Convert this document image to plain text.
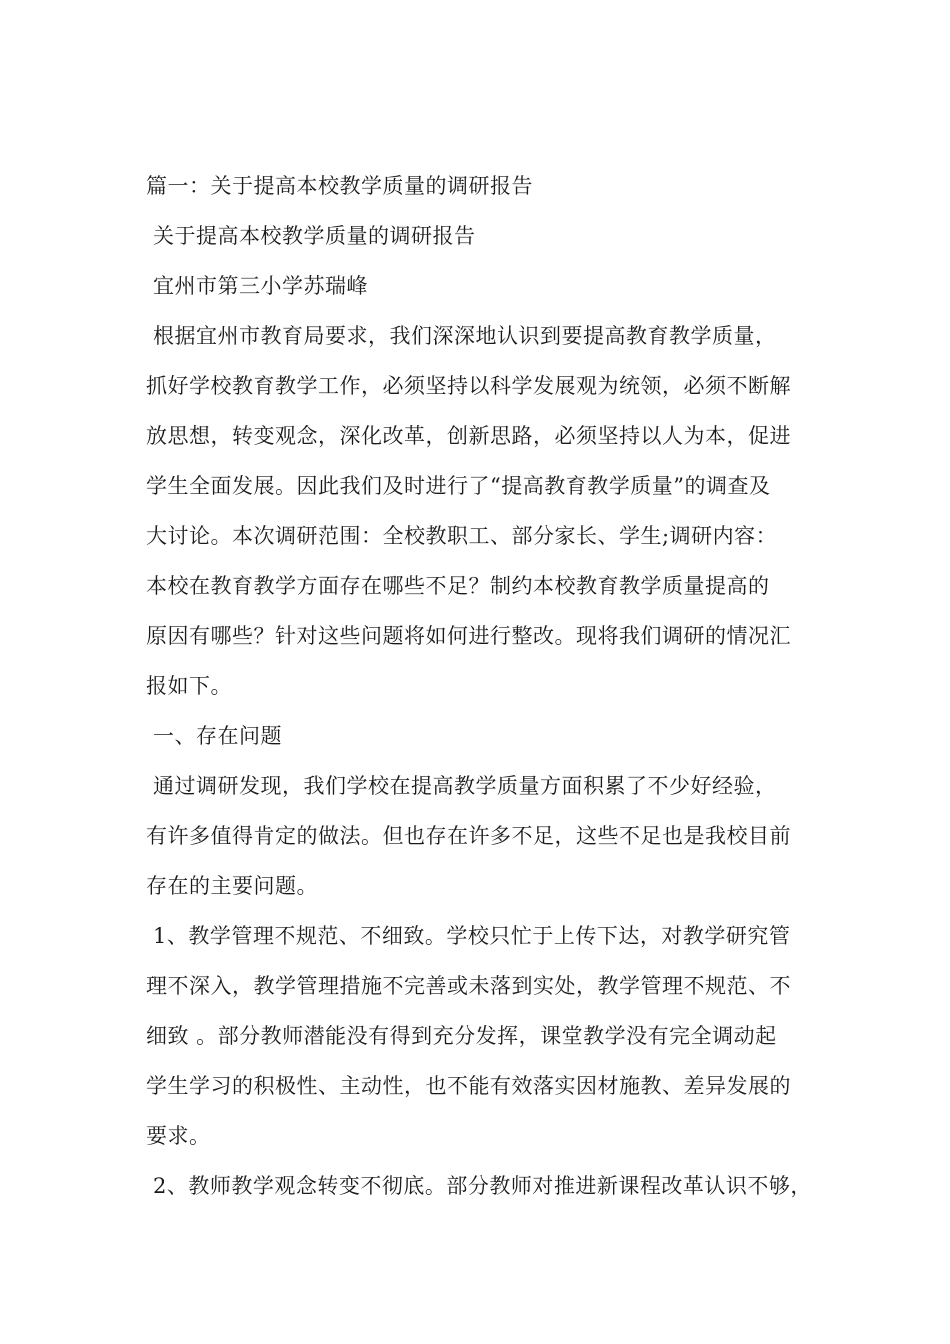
篇一：关于提高本校教学质量的调研报告
关于提高本校教学质量的调研报告
宜州市第三小学苏瑞峰
根据宜州市教育局要求，我们深深地认识到要提高教育教学质量，
抓好学校教育教学工作，必须坚持以科学发展观为统领，必须不断解
放思想，转变观念，深化改革，创新思路，必须坚持以人为本，促进
学生全面发展。因此我们及时进行了“提高教育教学质量”的调查及
大讨论。本次调研范围：全校教职工、部分家长、学生;调研内容：
本校在教育教学方面存在哪些不足？制约本校教育教学质量提高的
原因有哪些？针对这些问题将如何进行整改。现将我们调研的情况汇
报如下。
一、存在问题
通过调研发现，我们学校在提高教学质量方面积累了不少好经验，
有许多值得肯定的做法。但也存在许多不足，这些不足也是我校目前
存在的主要问题。
1、教学管理不规范、不细致。学校只忙于上传下达，对教学研究管
理不深入，教学管理措施不完善或未落到实处，教学管理不规范、不
细致 。部分教师潜能没有得到充分发挥，课堂教学没有完全调动起
学生学习的积极性、主动性，也不能有效落实因材施教、差异发展的
要求。
2、教师教学观念转变不彻底。部分教师对推进新课程改革认识不够，
